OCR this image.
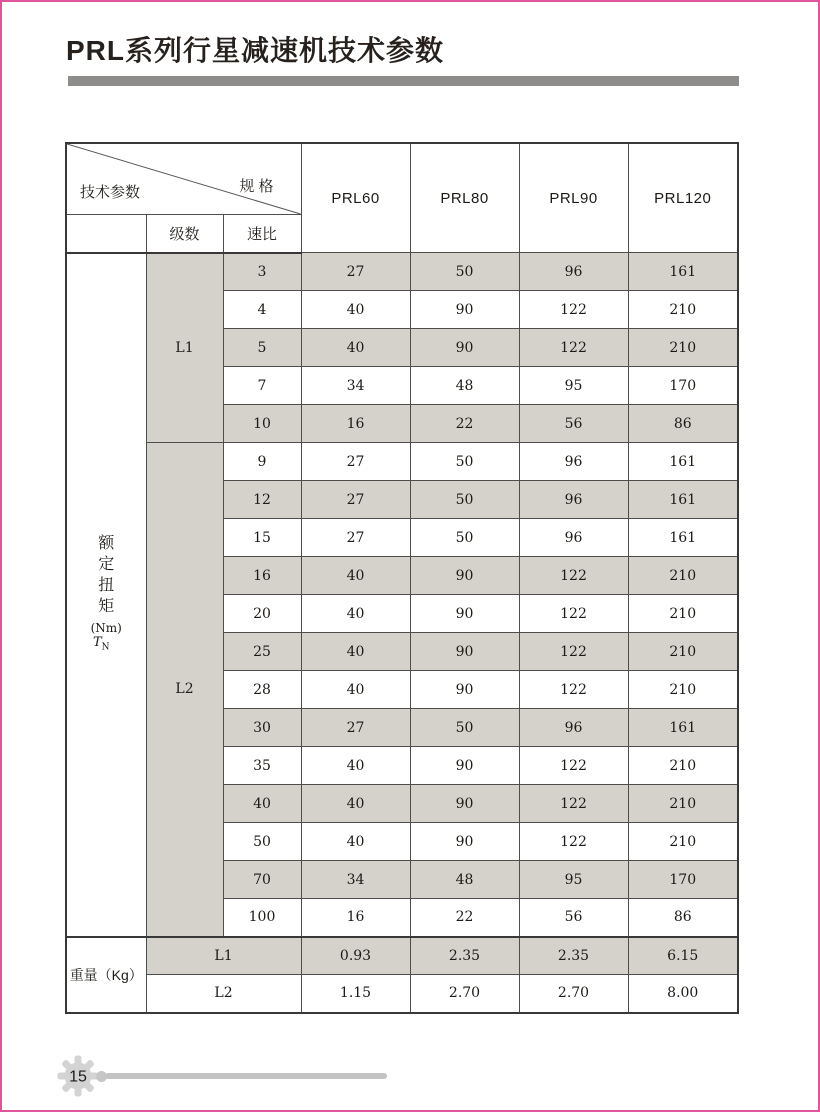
PRL系列行星减速机技术参数
规 格
技术参数			PRL60	PRL80	PRL90	PRL120
	级数	速比				

额
定
扭
矩
(Nm)
$T_N$
	L1	3	27	50	96	161
		4	40	90	122	210
		5	40	90	122	210
		7	34	48	95	170
		10	16	22	56	86
	L2	9	27	50	96	161
		12	27	50	96	161
		15	27	50	96	161
		16	40	90	122	210
		20	40	90	122	210
		25	40	90	122	210
		28	40	90	122	210
		30	27	50	96	161
		35	40	90	122	210
		40	40	90	122	210
		50	40	90	122	210
		70	34	48	95	170
		100	16	22	56	86
重量（Kg）	L1		0.93	2.35	2.35	6.15
	L2		1.15	2.70	2.70	8.00
15
